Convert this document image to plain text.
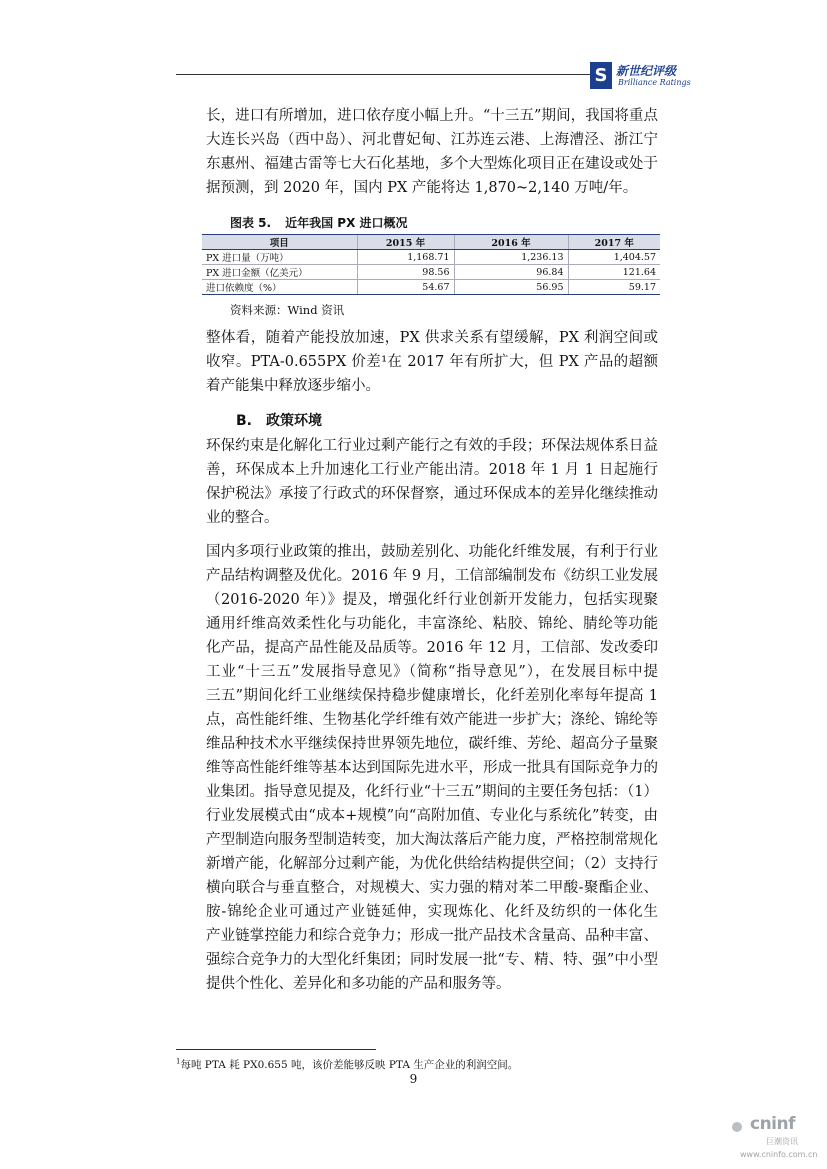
S 新世纪评级
Brilliance Ratings
长，进口有所增加，进口依存度小幅上升。“十三五”期间，我国将重点
大连长兴岛（西中岛）、河北曹妃甸、江苏连云港、上海漕泾、浙江宁
东惠州、福建古雷等七大石化基地，多个大型炼化项目正在建设或处于
据预测，到 2020 年，国内 PX 产能将达 1,870~2,140 万吨/年。
图表 5. 近年我国 PX 进口概况
项目	2015 年	2016 年	2017 年
PX 进口量（万吨）	1,168.71	1,236.13	1,404.57
PX 进口金额（亿美元）	98.56	96.84	121.64
进口依赖度（%）	54.67	56.95	59.17
资料来源：Wind 资讯
整体看，随着产能投放加速，PX 供求关系有望缓解，PX 利润空间或
收窄。PTA-0.655PX 价差¹在 2017 年有所扩大，但 PX 产品的超额
着产能集中释放逐步缩小。
B. 政策环境
环保约束是化解化工行业过剩产能行之有效的手段；环保法规体系日益
善，环保成本上升加速化工行业产能出清。2018 年 1 月 1 日起施行
保护税法》承接了行政式的环保督察，通过环保成本的差异化继续推动
业的整合。
国内多项行业政策的推出，鼓励差别化、功能化纤维发展，有利于行业
产品结构调整及优化。2016 年 9 月，工信部编制发布《纺织工业发展
（2016-2020 年）》提及，增强化纤行业创新开发能力，包括实现聚
通用纤维高效柔性化与功能化，丰富涤纶、粘胶、锦纶、腈纶等功能
化产品，提高产品性能及品质等。2016 年 12 月，工信部、发改委印
工业“十三五”发展指导意见》（简称“指导意见”），在发展目标中提
三五”期间化纤工业继续保持稳步健康增长，化纤差别化率每年提高 1
点，高性能纤维、生物基化学纤维有效产能进一步扩大；涤纶、锦纶等
维品种技术水平继续保持世界领先地位，碳纤维、芳纶、超高分子量聚
维等高性能纤维等基本达到国际先进水平，形成一批具有国际竞争力的
业集团。指导意见提及，化纤行业“十三五”期间的主要任务包括：（1）
行业发展模式由“成本+规模”向“高附加值、专业化与系统化”转变，由
产型制造向服务型制造转变，加大淘汰落后产能力度，严格控制常规化
新增产能，化解部分过剩产能，为优化供给结构提供空间；（2）支持行
横向联合与垂直整合，对规模大、实力强的精对苯二甲酸-聚酯企业、
胺-锦纶企业可通过产业链延伸，实现炼化、化纤及纺织的一体化生
产业链掌控能力和综合竞争力；形成一批产品技术含量高、品种丰富、
强综合竞争力的大型化纤集团；同时发展一批“专、精、特、强”中小型
提供个性化、差异化和多功能的产品和服务等。
$^1$每吨 PTA 耗 PX0.655 吨，该价差能够反映 PTA 生产企业的利润空间。
9
cninf
巨潮资讯
www.cninfo.com.cn
